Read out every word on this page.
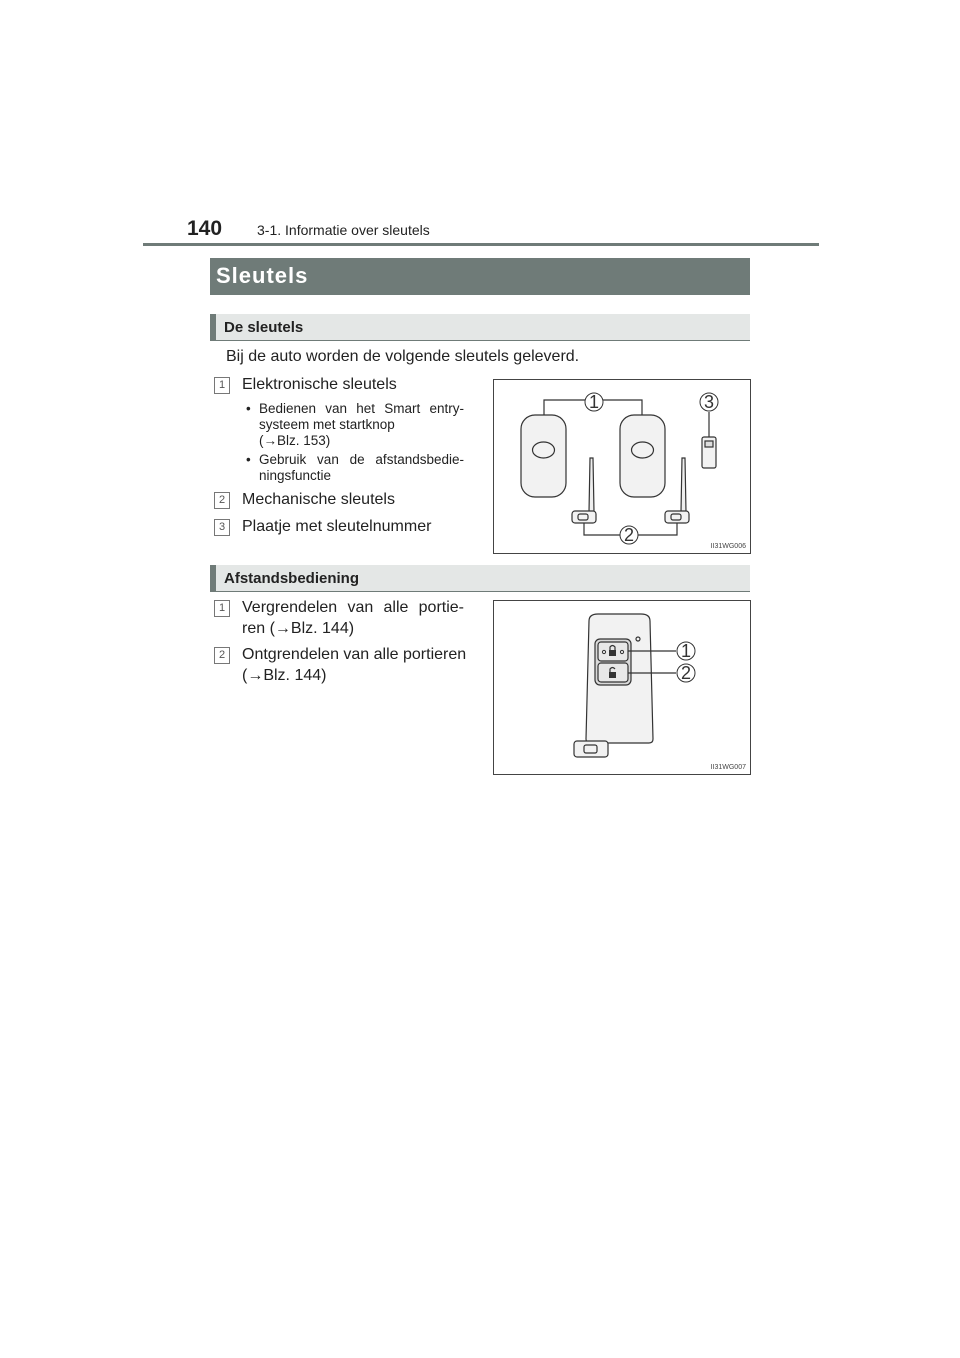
140 3-1. Informatie over sleutels
Sleutels
De sleutels
Bij de auto worden de volgende sleutels geleverd.
1	Elektronische sleutels
• Bedienen van het Smart entry-
systeem met startknop
(→Blz. 153)
• Gebruik van de afstandsbedie-
ningsfunctie
2	Mechanische sleutels
3	Plaatje met sleutelnummer
1	3
2
II31WG006
Afstandsbediening
1	Vergrendelen van alle portie-
ren (→Blz. 144)
2	Ontgrendelen van alle portieren
(→Blz. 144)
1
2
II31WG007
